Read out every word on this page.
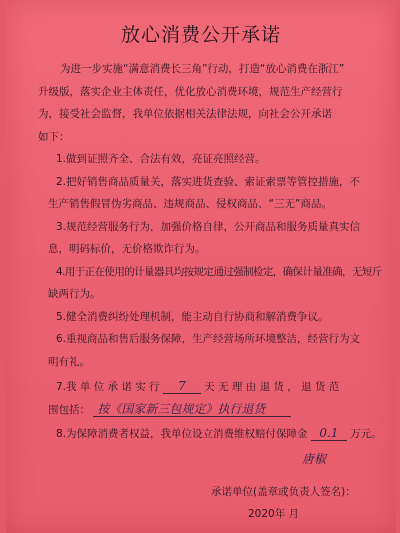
放心消费公开承诺
为进一步实施“满意消费长三角”行动，打造“放心消费在浙江”
升级版，落实企业主体责任，优化放心消费环境，规范生产经营行
为，接受社会监督，我单位依据相关法律法规，向社会公开承诺
如下：
1.做到证照齐全、合法有效，亮证亮照经营。
2.把好销售商品质量关，落实进货查验、索证索票等管控措施，不
生产销售假冒伪劣商品、违规商品、侵权商品、“三无”商品。
3.规范经营服务行为，加强价格自律，公开商品和服务质量真实信
息，明码标价，无价格欺诈行为。
4.用于正在使用的计量器具均按规定通过强制检定，确保计量准确，无短斤
缺两行为。
5.健全消费纠纷处理机制，能主动自行协商和解消费争议。
6.重视商品和售后服务保障，生产经营场所环境整洁，经营行为文
明有礼。
7.我 单 位 承 诺 实 行 7 天 无 理 由 退 货 ， 退 货 范
围包括： 按《国家新三包规定》执行退货
8.为保障消费者权益，我单位设立消费维权赔付保障金 0.1 万元。
唐椒
承诺单位(盖章或负责人签名)：
2020年 月
